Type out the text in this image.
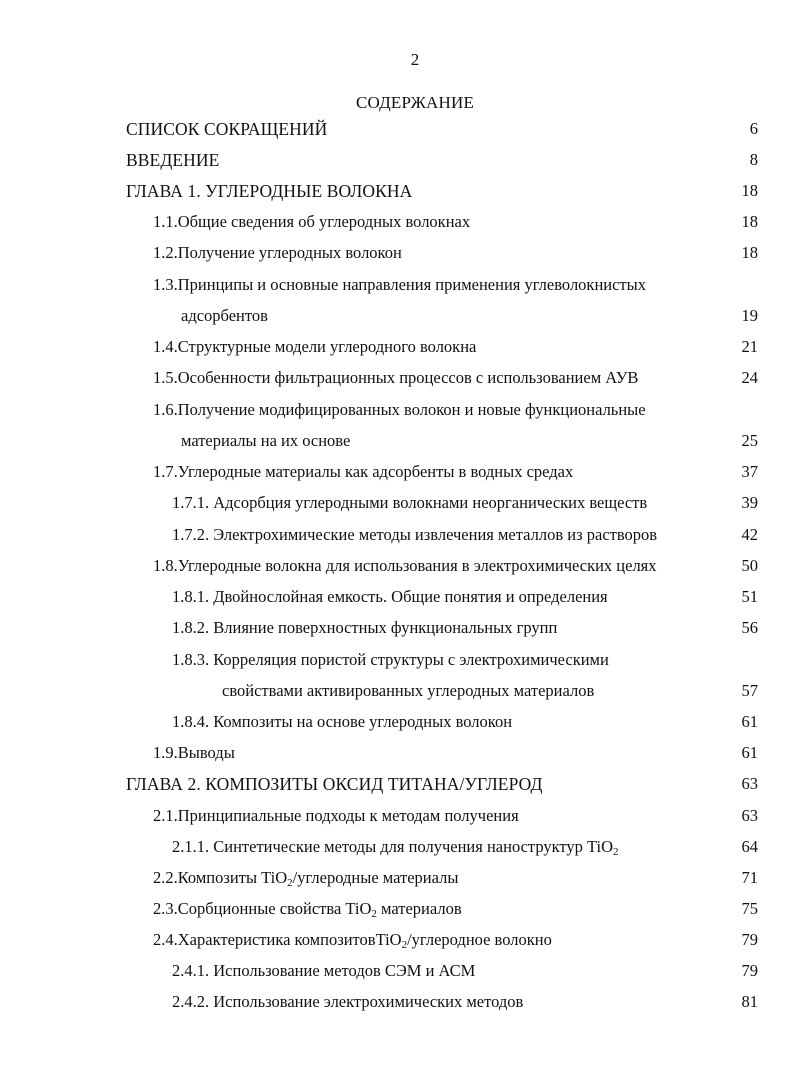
2
СОДЕРЖАНИЕ
СПИСОК СОКРАЩЕНИЙ	6
ВВЕДЕНИЕ	8
ГЛАВА 1. УГЛЕРОДНЫЕ ВОЛОКНА	18
1.1.Общие сведения об углеродных волокнах	18
1.2.Получение углеродных волокон	18
1.3.Принципы и основные направления применения углеволокнистых
адсорбентов	19
1.4.Структурные модели углеродного волокна	21
1.5.Особенности фильтрационных процессов с использованием АУВ	24
1.6.Получение модифицированных волокон и новые функциональные
материалы на их основе	25
1.7.Углеродные материалы как адсорбенты в водных средах	37
1.7.1. Адсорбция углеродными волокнами неорганических веществ	39
1.7.2. Электрохимические методы извлечения металлов из растворов	42
1.8.Углеродные волокна для использования в электрохимических целях	50
1.8.1. Двойнослойная емкость. Общие понятия и определения	51
1.8.2. Влияние поверхностных функциональных групп	56
1.8.3. Корреляция пористой структуры с электрохимическими
свойствами активированных углеродных материалов	57
1.8.4. Композиты на основе углеродных волокон	61
1.9.Выводы	61
ГЛАВА 2. КОМПОЗИТЫ ОКСИД ТИТАНА/УГЛЕРОД	63
2.1.Принципиальные подходы к методам получения	63
2.1.1. Синтетические методы для получения наноструктур TiO$_2$	64
2.2.Композиты TiO$_2$/углеродные материалы	71
2.3.Сорбционные свойства TiO$_2$ материалов	75
2.4.Характеристика композитовTiO$_2$/углеродное волокно	79
2.4.1. Использование методов СЭМ и АСМ	79
2.4.2. Использование электрохимических методов	81
